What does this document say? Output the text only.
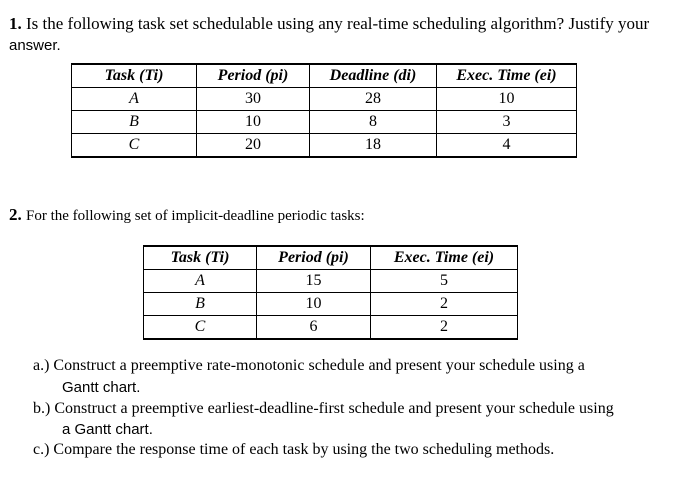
1. Is the following task set schedulable using any real-time scheduling algorithm? Justify your
answer.
Task (Ti)	Period (pi)	Deadline (di)	Exec. Time (ei)
A	30	28	10
B	10	8	3
C	20	18	4
2. For the following set of implicit-deadline periodic tasks:
Task (Ti)	Period (pi)	Exec. Time (ei)
A	15	5
B	10	2
C	6	2
a.) Construct a preemptive rate-monotonic schedule and present your schedule using a
Gantt chart.
b.) Construct a preemptive earliest-deadline-first schedule and present your schedule using
a Gantt chart.
c.) Compare the response time of each task by using the two scheduling methods.
